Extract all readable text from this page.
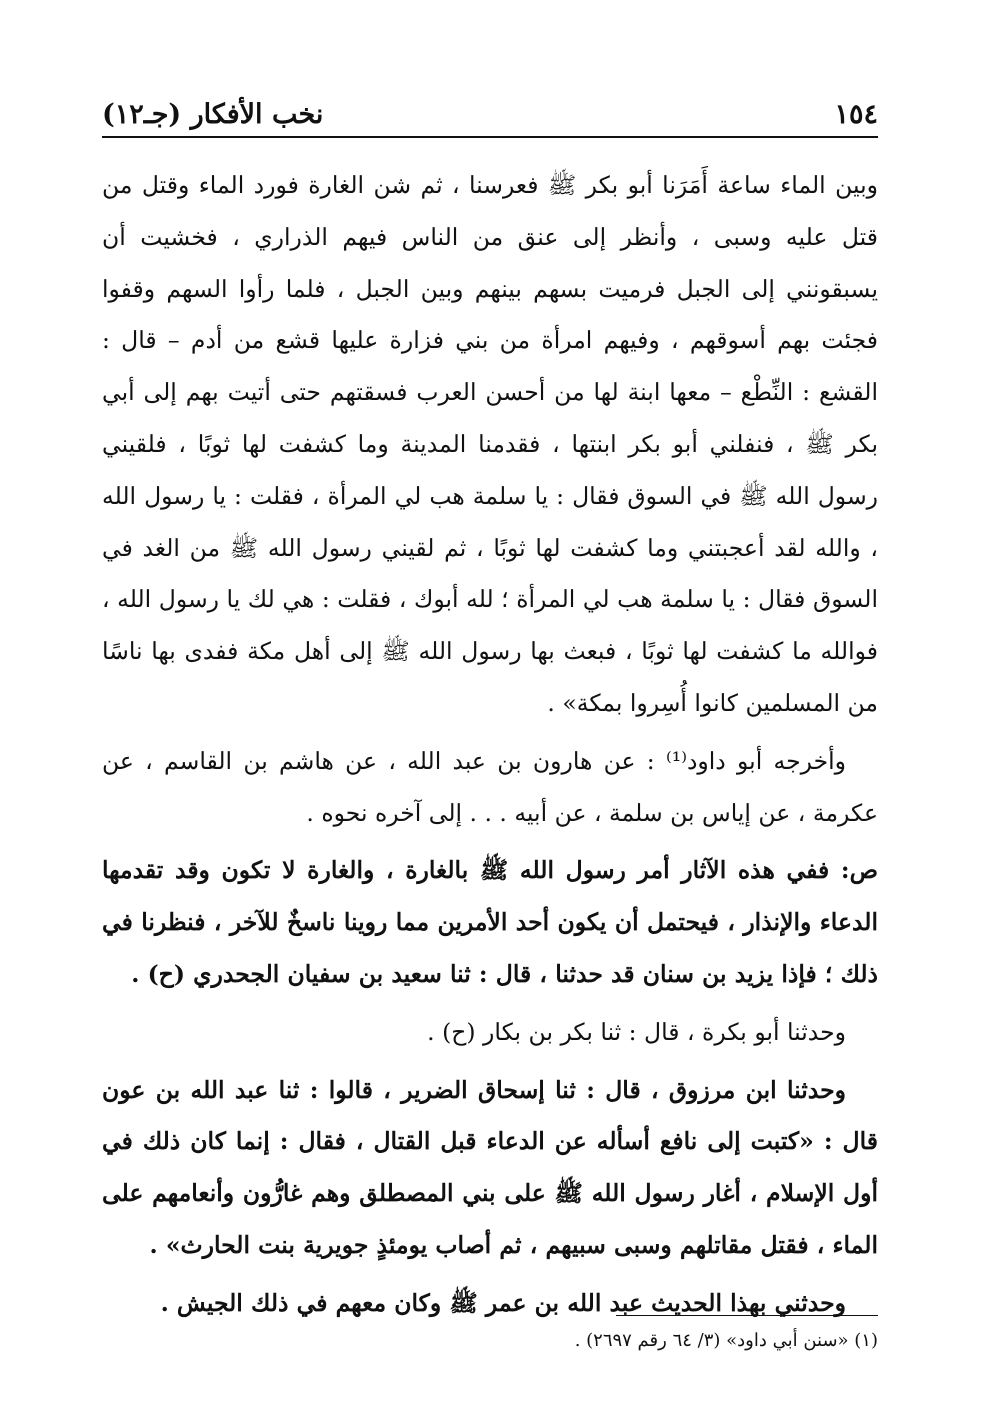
١٥٤
نخب الأفكار (جـ١٢)

وبين الماء ساعة أَمَرَنا أبو بكر ﷺ فعرسنا ، ثم شن الغارة فورد الماء وقتل من قتل عليه وسبى ، وأنظر إلى عنق من الناس فيهم الذراري ، فخشيت أن يسبقونني إلى الجبل فرميت بسهم بينهم وبين الجبل ، فلما رأوا السهم وقفوا فجئت بهم أسوقهم ، وفيهم امرأة من بني فزارة عليها قشع من أدم – قال : القشع : النِّطْع – معها ابنة لها من أحسن العرب فسقتهم حتى أتيت بهم إلى أبي بكر ﷺ ، فنفلني أبو بكر ابنتها ، فقدمنا المدينة وما كشفت لها ثوبًا ، فلقيني رسول الله ﷺ في السوق فقال : يا سلمة هب لي المرأة ، فقلت : يا رسول الله ، والله لقد أعجبتني وما كشفت لها ثوبًا ، ثم لقيني رسول الله ﷺ من الغد في السوق فقال : يا سلمة هب لي المرأة ؛ لله أبوك ، فقلت : هي لك يا رسول الله ، فوالله ما كشفت لها ثوبًا ، فبعث بها رسول الله ﷺ إلى أهل مكة ففدى بها ناسًا من المسلمين كانوا أُسِروا بمكة» .

وأخرجه أبو داود⁽¹⁾ : عن هارون بن عبد الله ، عن هاشم بن القاسم ، عن عكرمة ، عن إياس بن سلمة ، عن أبيه . . . إلى آخره نحوه .

ص: ففي هذه الآثار أمر رسول الله ﷺ بالغارة ، والغارة لا تكون وقد تقدمها الدعاء والإنذار ، فيحتمل أن يكون أحد الأمرين مما روينا ناسخٌ للآخر ، فنظرنا في ذلك ؛ فإذا يزيد بن سنان قد حدثنا ، قال : ثنا سعيد بن سفيان الجحدري (ح) .

وحدثنا أبو بكرة ، قال : ثنا بكر بن بكار (ح) .

وحدثنا ابن مرزوق ، قال : ثنا إسحاق الضرير ، قالوا : ثنا عبد الله بن عون قال : «كتبت إلى نافع أسأله عن الدعاء قبل القتال ، فقال : إنما كان ذلك في أول الإسلام ، أغار رسول الله ﷺ على بني المصطلق وهم غارُّون وأنعامهم على الماء ، فقتل مقاتلهم وسبى سبيهم ، ثم أصاب يومئذٍ جويرية بنت الحارث» .

وحدثني بهذا الحديث عبد الله بن عمر ﷺ وكان معهم في ذلك الجيش .

(١) «سنن أبي داود» (٣/ ٦٤ رقم ٢٦٩٧) .
